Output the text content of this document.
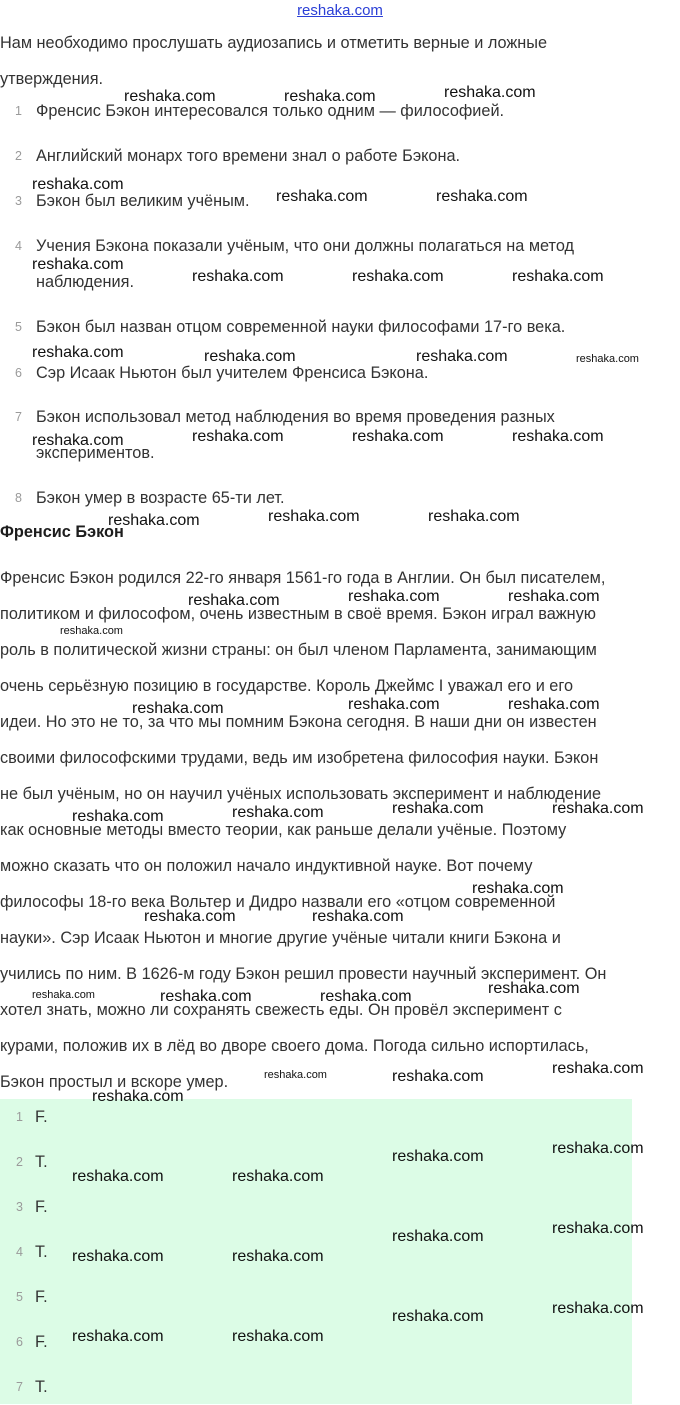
reshaka.com
Нам необходимо прослушать аудиозапись и отметить верные и ложные
утверждения.
1 Френсис Бэкон интересовался только одним — философией.
2 Английский монарх того времени знал о работе Бэкона.
3 Бэкон был великим учёным.
4 Учения Бэкона показали учёным, что они должны полагаться на метод
наблюдения.
5 Бэкон был назван отцом современной науки философами 17-го века.
6 Сэр Исаак Ньютон был учителем Френсиса Бэкона.
7 Бэкон использовал метод наблюдения во время проведения разных
экспериментов.
8 Бэкон умер в возрасте 65-ти лет.
Френсис Бэкон
Френсис Бэкон родился 22-го января 1561-го года в Англии. Он был писателем,
политиком и философом, очень известным в своё время. Бэкон играл важную
роль в политической жизни страны: он был членом Парламента, занимающим
очень серьёзную позицию в государстве. Король Джеймс I уважал его и его
идеи. Но это не то, за что мы помним Бэкона сегодня. В наши дни он известен
своими философскими трудами, ведь им изобретена философия науки. Бэкон
не был учёным, но он научил учёных использовать эксперимент и наблюдение
как основные методы вместо теории, как раньше делали учёные. Поэтому
можно сказать что он положил начало индуктивной науке. Вот почему
философы 18-го века Вольтер и Дидро назвали его «отцом современной
науки». Сэр Исаак Ньютон и многие другие учёные читали книги Бэкона и
учились по ним. В 1626-м году Бэкон решил провести научный эксперимент. Он
хотел знать, можно ли сохранять свежесть еды. Он провёл эксперимент с
курами, положив их в лёд во дворе своего дома. Погода сильно испортилась,
Бэкон простыл и вскоре умер.
1 F.
2 T.
3 F.
4 T.
5 F.
6 F.
7 T.
reshaka.com
reshaka.com	reshaka.com
reshaka.com
reshaka.com	reshaka.com
reshaka.com
reshaka.com	reshaka.com	reshaka.com
reshaka.com	reshaka.com	reshaka.com	reshaka.com
reshaka.com	reshaka.com	reshaka.com	reshaka.com
reshaka.com	reshaka.com	reshaka.com
reshaka.com	reshaka.com
reshaka.com
reshaka.com
reshaka.com	reshaka.com
reshaka.com
reshaka.com	reshaka.com
reshaka.com
reshaka.com
reshaka.com
reshaka.com	reshaka.com
reshaka.com
reshaka.com	reshaka.com	reshaka.com
reshaka.com
reshaka.com	reshaka.com
reshaka.com
reshaka.com
reshaka.com
reshaka.com	reshaka.com
reshaka.com
reshaka.com
reshaka.com	reshaka.com
reshaka.com
reshaka.com
reshaka.com	reshaka.com
